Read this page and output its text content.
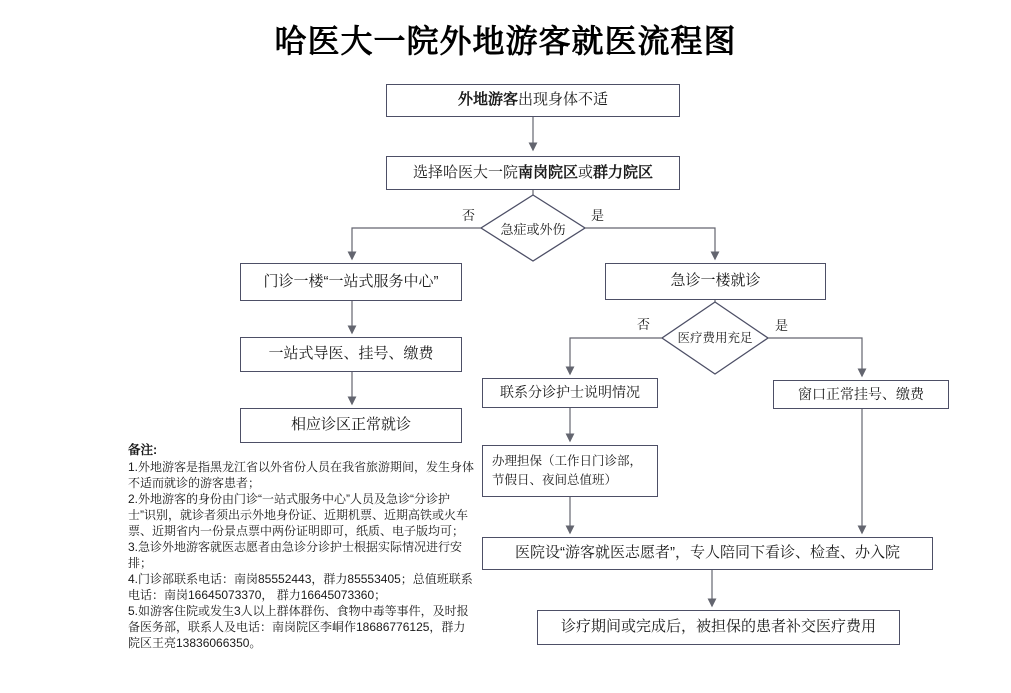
哈医大一院外地游客就医流程图
外地游客 出现身体不适
选择哈医大一院 南岗院区 或 群力院区
急症或外伤
否	是
门诊一楼“一站式服务中心”
一站式导医、挂号、缴费
相应诊区正常就诊
急诊一楼就诊
医疗费用充足
否	是
联系分诊护士说明情况	窗口正常挂号、缴费
办理担保（工作日门诊部，节假日、夜间总值班）
医院设“游客就医志愿者”，专人陪同下看诊、检查、办入院
诊疗期间或完成后，被担保的患者补交医疗费用
备注:
1.外地游客是指黑龙江省以外省份人员在我省旅游期间，发生身体不适而就诊的游客患者；
2.外地游客的身份由门诊“一站式服务中心”人员及急诊“分诊护士”识别，就诊者须出示外地身份证、近期机票、近期高铁或火车票、近期省内一份景点票中两份证明即可，纸质、电子版均可；
3.急诊外地游客就医志愿者由急诊分诊护士根据实际情况进行安排；
4.门诊部联系电话：南岗85552443，群力85553405；总值班联系电话：南岗16645073370， 群力16645073360；
5.如游客住院或发生3人以上群体群伤、食物中毒等事件，及时报备医务部，联系人及电话：南岗院区李峒作18686776125，群力院区王亮13836066350。
